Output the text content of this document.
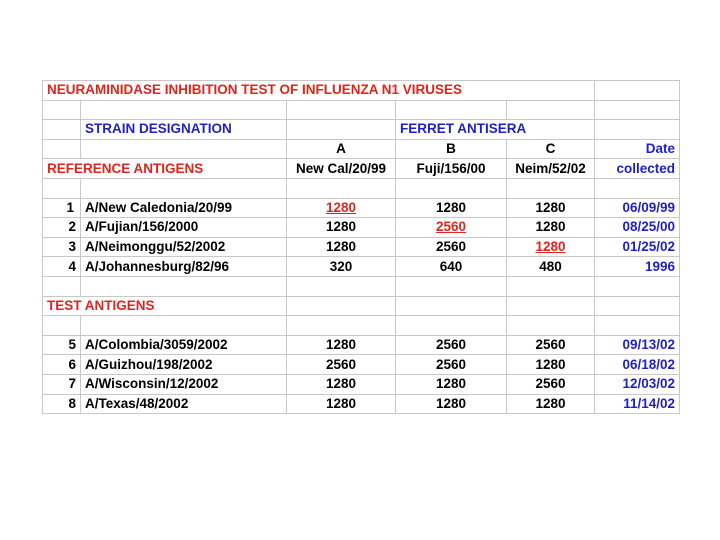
NEURAMINIDASE INHIBITION TEST OF INFLUENZA N1 VIRUSES					

	STRAIN DESIGNATION		FERRET ANTISERA		
		A	B	C	Date
REFERENCE ANTIGENS		New Cal/20/99	Fuji/156/00	Neim/52/02	collected

1	A/New Caledonia/20/99	1280	1280	1280	06/09/99
2	A/Fujian/156/2000	1280	2560	1280	08/25/00
3	A/Neimonggu/52/2002	1280	2560	1280	01/25/02
4	A/Johannesburg/82/96	320	640	480	1996

TEST ANTIGENS					

5	A/Colombia/3059/2002	1280	2560	2560	09/13/02
6	A/Guizhou/198/2002	2560	2560	1280	06/18/02
7	A/Wisconsin/12/2002	1280	1280	2560	12/03/02
8	A/Texas/48/2002	1280	1280	1280	11/14/02
